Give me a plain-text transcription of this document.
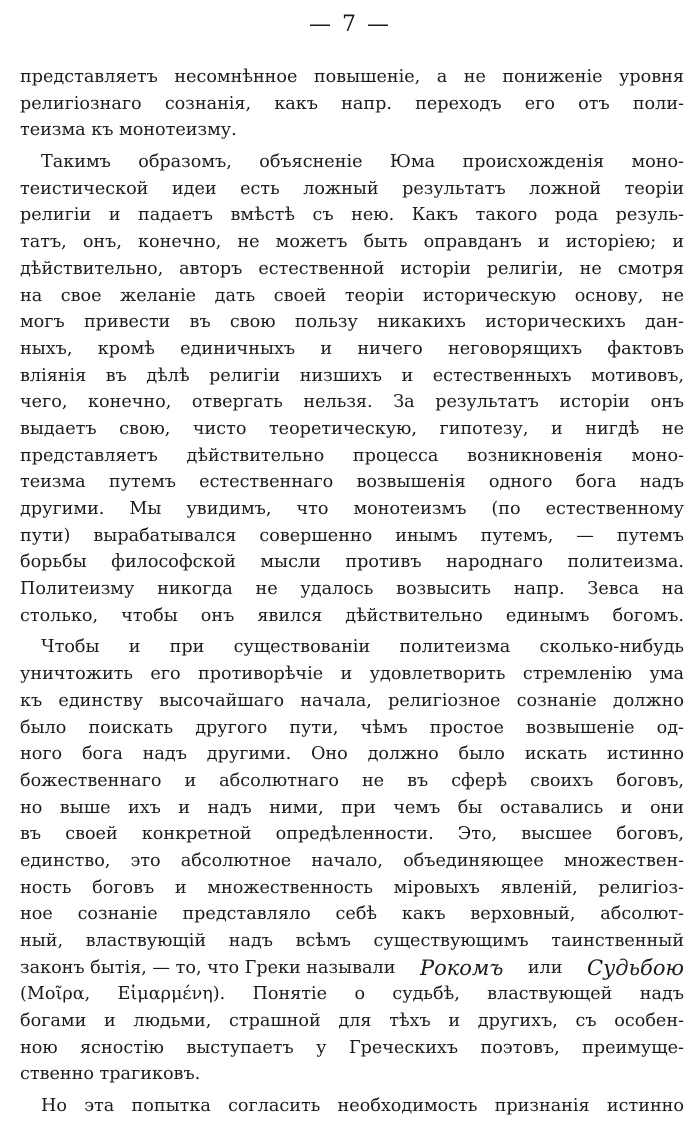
— 7 —
представляетъ несомнѣнное повышеніе, а не пониженіе уровня
религіознаго сознанія, какъ напр. переходъ его отъ поли-
теизма къ монотеизму.
Такимъ образомъ, объясненіе Юма происхожденія моно-
теистической идеи есть ложный результатъ ложной теоріи
религіи и падаетъ вмѣстѣ съ нею. Какъ такого рода резуль-
татъ, онъ, конечно, не можетъ быть оправданъ и исторіею; и
дѣйствительно, авторъ естественной исторіи религіи, не смотря
на свое желаніе дать своей теоріи историческую основу, не
могъ привести въ свою пользу никакихъ историческихъ дан-
ныхъ, кромѣ единичныхъ и ничего неговорящихъ фактовъ
вліянія въ дѣлѣ религіи низшихъ и естественныхъ мотивовъ,
чего, конечно, отвергать нельзя. За результатъ исторіи онъ
выдаетъ свою, чисто теоретическую, гипотезу, и нигдѣ не
представляетъ дѣйствительно процесса возникновенія моно-
теизма путемъ естественнаго возвышенія одного бога надъ
другими. Мы увидимъ, что монотеизмъ (по естественному
пути) вырабатывался совершенно инымъ путемъ, — путемъ
борьбы философской мысли противъ народнаго политеизма.
Политеизму никогда не удалось возвысить напр. Зевса на
столько, чтобы онъ явился дѣйствительно единымъ богомъ.
Чтобы и при существованіи политеизма сколько-нибудь
уничтожить его противорѣчіе и удовлетворить стремленію ума
къ единству высочайшаго начала, религіозное сознаніе должно
было поискать другого пути, чѣмъ простое возвышеніе од-
ного бога надъ другими. Оно должно было искать истинно
божественнаго и абсолютнаго не въ сферѣ своихъ боговъ,
но выше ихъ и надъ ними, при чемъ бы оставались и они
въ своей конкретной опредѣленности. Это, высшее боговъ,
единство, это абсолютное начало, объединяющее множествен-
ность боговъ и множественность міровыхъ явленій, религіоз-
ное сознаніе представляло себѣ какъ верховный, абсолют-
ный, властвующій надъ всѣмъ существующимъ таинственный
законъ бытія, — то, что Греки называли Рокомъ или Судьбою
(Μοῖρα, Εἱμαρμένη). Понятіе о судьбѣ, властвующей надъ
богами и людьми, страшной для тѣхъ и другихъ, съ особен-
ною ясностію выступаетъ у Греческихъ поэтовъ, преимуще-
ственно трагиковъ.
Но эта попытка согласить необходимость признанія истинно
